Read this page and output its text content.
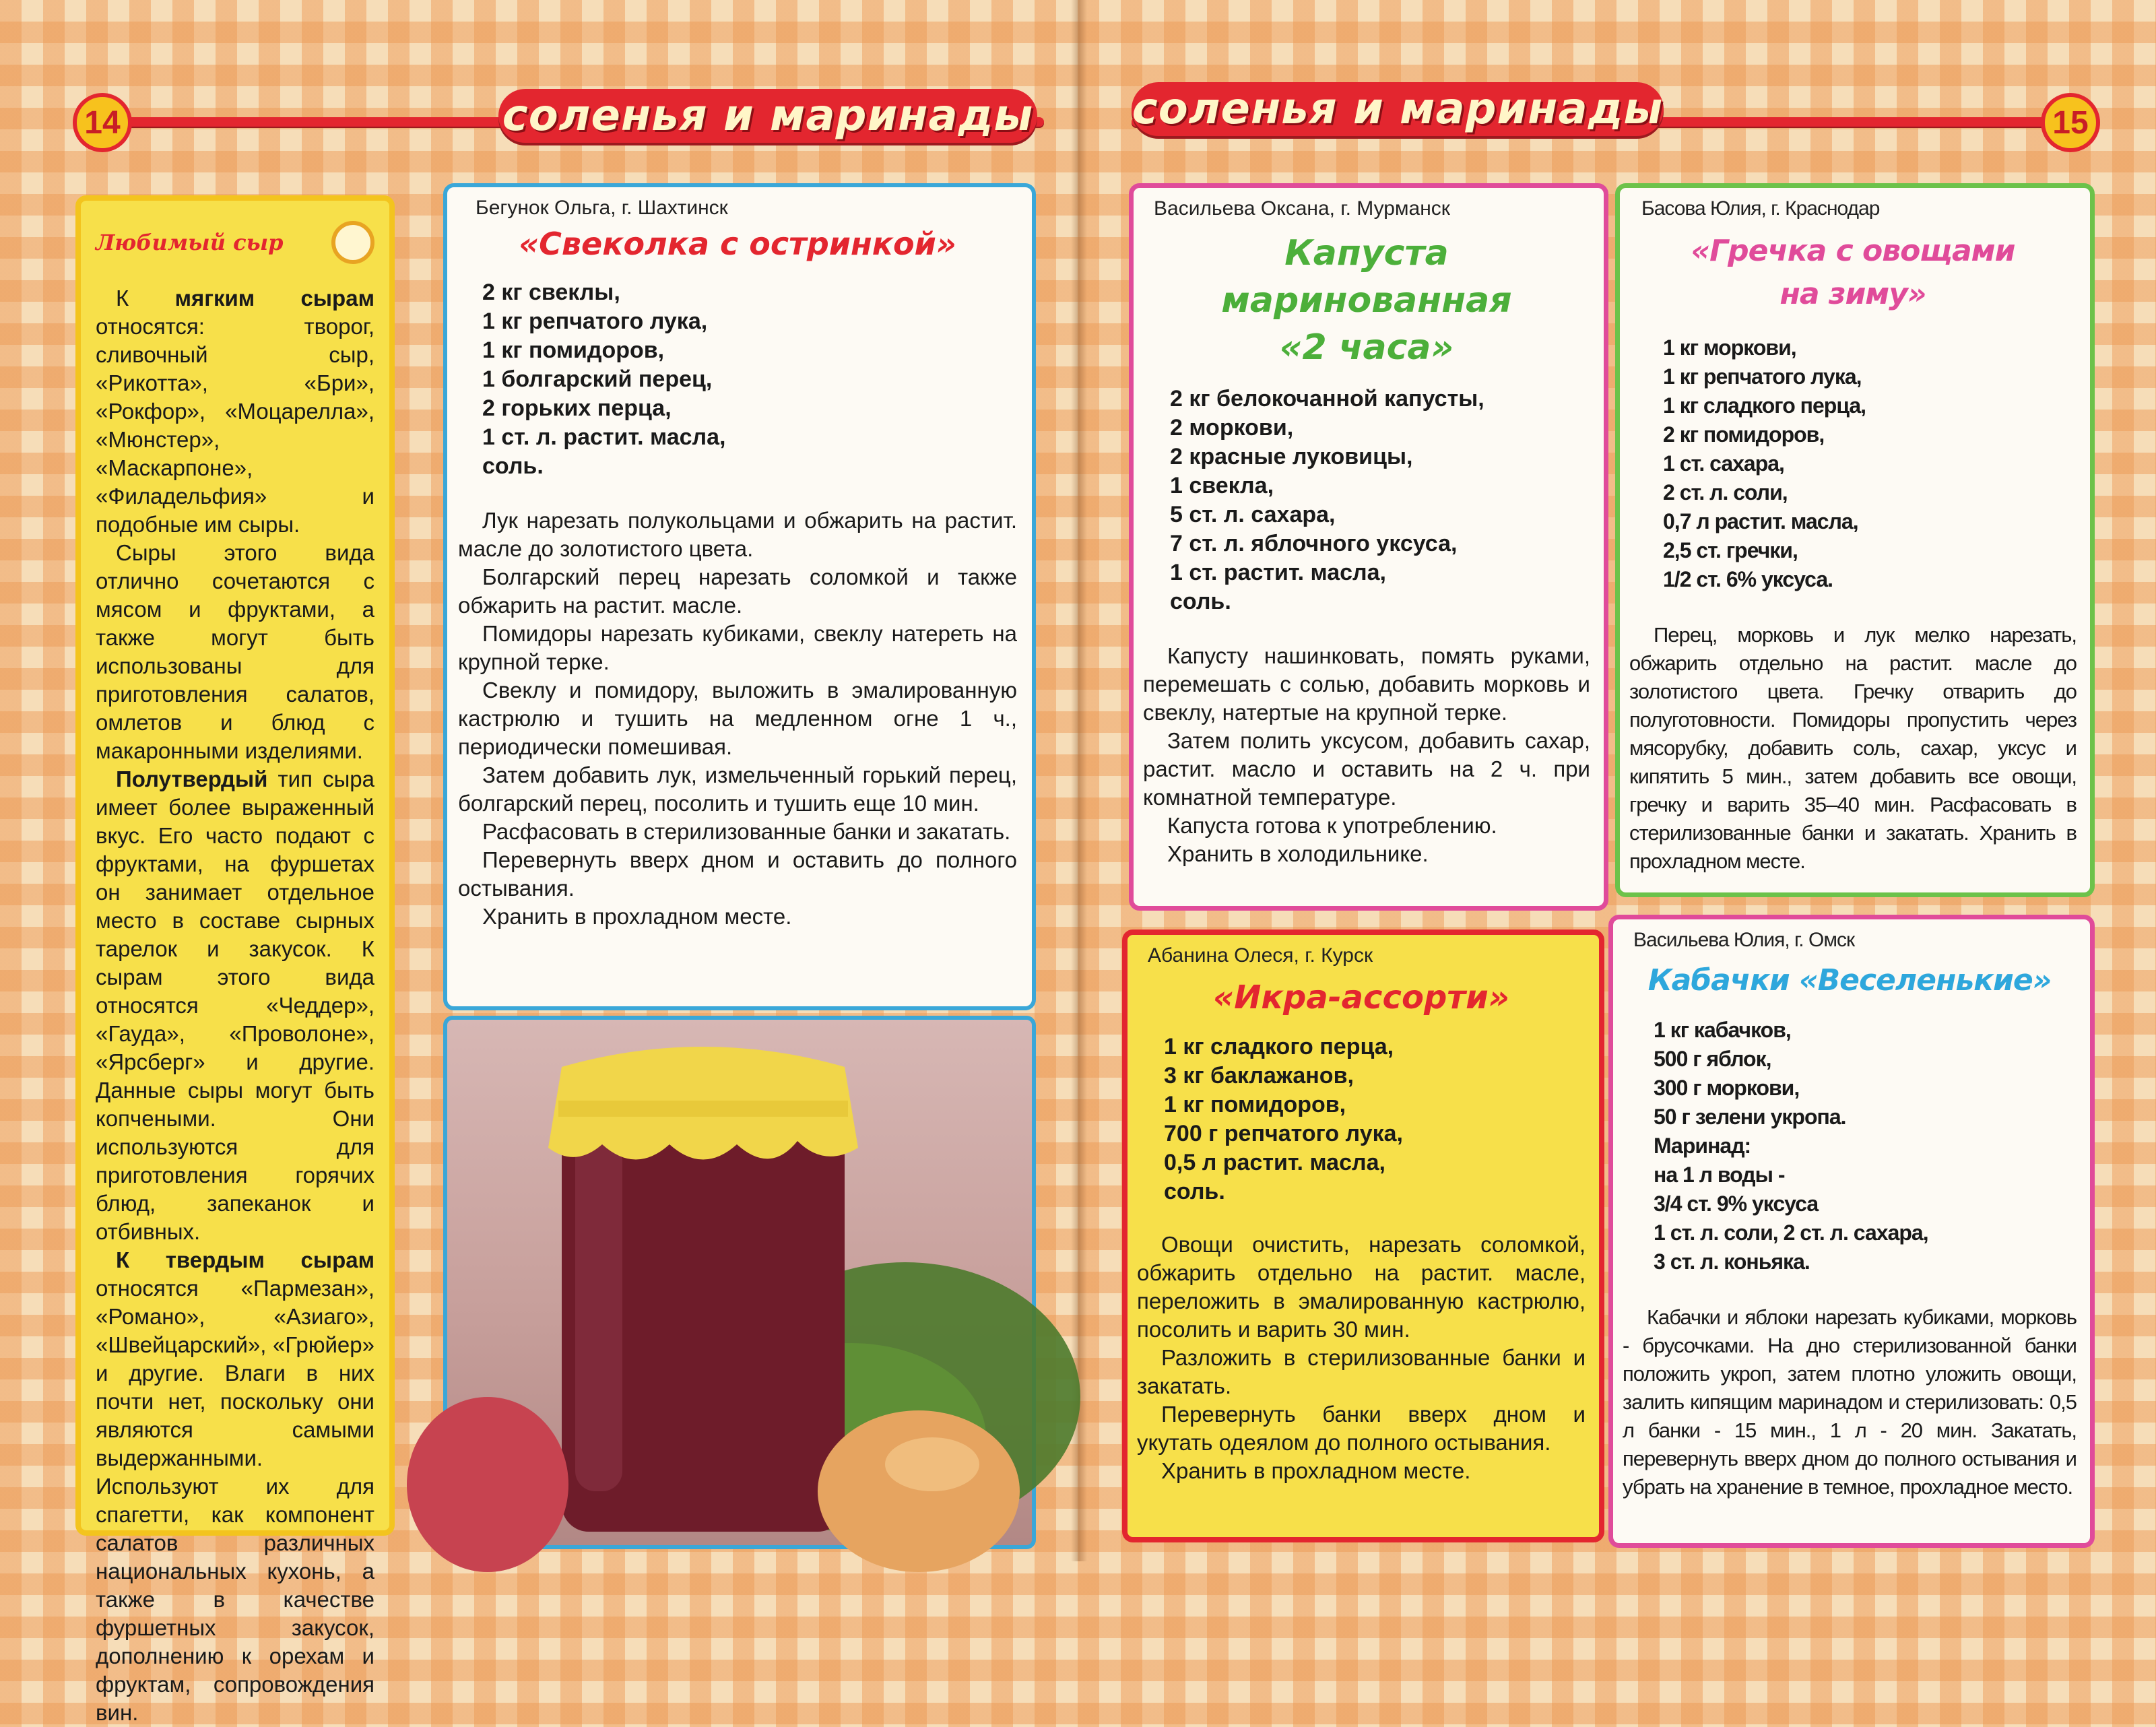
14	соленья и маринады соленья и маринады	15
Любимый сыр

К мягким сырам относятся: творог, сливочный сыр, «Рикотта», «Бри», «Рокфор», «Моцарелла», «Мюнстер», «Маскарпоне», «Филадельфия» и подобные им сыры.

Сыры этого вида отлично сочетаются с мясом и фруктами, а также могут быть использованы для приготовления салатов, омлетов и блюд с макаронными изделиями.

Полутвердый тип сыра имеет более выраженный вкус. Его часто подают с фруктами, на фуршетах он занимает отдельное место в составе сырных тарелок и закусок. К сырам этого вида относятся «Чеддер», «Гауда», «Проволоне», «Ярсберг» и другие. Данные сыры могут быть копчеными. Они используются для приготовления горячих блюд, запеканок и отбивных.

К твердым сырам относятся «Пармезан», «Романо», «Азиаго», «Швейцарский», «Грюйер» и другие. Влаги в них почти нет, поскольку они являются самыми выдержанными. Используют их для спагетти, как компонент салатов различных национальных кухонь, а также в качестве фуршетных закусок, дополнению к орехам и фруктам, сопровождения вин.

Бегунок Ольга, г. Шахтинск
«Свеколка с остринкой»
2 кг свеклы,
1 кг репчатого лука,
1 кг помидоров,
1 болгарский перец,
2 горьких перца,
1 ст. л. растит. масла,
соль.

Лук нарезать полукольцами и обжарить на растит. масле до золотистого цвета.

Болгарский перец нарезать соломкой и также обжарить на растит. масле.

Помидоры нарезать кубиками, свеклу натереть на крупной терке.

Свеклу и помидору, выложить в эмалированную кастрюлю и тушить на медленном огне 1 ч., периодически помешивая.

Затем добавить лук, измельченный горький перец, болгарский перец, посолить и тушить еще 10 мин.

Расфасовать в стерилизованные банки и закатать.

Перевернуть вверх дном и оставить до полного остывания.

Хранить в прохладном месте.

Васильева Оксана, г. Мурманск
Капуста
маринованная
«2 часа»
2 кг белокочанной капусты,
2 моркови,
2 красные луковицы,
1 свекла,
5 ст. л. сахара,
7 ст. л. яблочного уксуса,
1 ст. растит. масла,
соль.

Капусту нашинковать, помять руками, перемешать с солью, добавить морковь и свеклу, натертые на крупной терке.

Затем полить уксусом, добавить сахар, растит. масло и оставить на 2 ч. при комнатной температуре.

Капуста готова к употреблению.

Хранить в холодильнике.

Басова Юлия, г. Краснодар
«Гречка с овощами
на зиму»
1 кг моркови,
1 кг репчатого лука,
1 кг сладкого перца,
2 кг помидоров,
1 ст. сахара,
2 ст. л. соли,
0,7 л растит. масла,
2,5 ст. гречки,
1/2 ст. 6% уксуса.

Перец, морковь и лук мелко нарезать, обжарить отдельно на растит. масле до золотистого цвета. Гречку отварить до полуготовности. Помидоры пропустить через мясорубку, добавить соль, сахар, уксус и кипятить 5 мин., затем добавить все овощи, гречку и варить 35–40 мин. Расфасовать в стерилизованные банки и закатать. Хранить в прохладном месте.

Абанина Олеся, г. Курск
«Икра-ассорти»
1 кг сладкого перца,
3 кг баклажанов,
1 кг помидоров,
700 г репчатого лука,
0,5 л растит. масла,
соль.

Овощи очистить, нарезать соломкой, обжарить отдельно на растит. масле, переложить в эмалированную кастрюлю, посолить и варить 30 мин.

Разложить в стерилизованные банки и закатать.

Перевернуть банки вверх дном и укутать одеялом до полного остывания.

Хранить в прохладном месте.

Васильева Юлия, г. Омск
Кабачки «Веселенькие»
1 кг кабачков,
500 г яблок,
300 г моркови,
50 г зелени укропа.
Маринад:
на 1 л воды -
3/4 ст. 9% уксуса
1 ст. л. соли, 2 ст. л. сахара,
3 ст. л. коньяка.

Кабачки и яблоки нарезать кубиками, морковь - брусочками. На дно стерилизованной банки положить укроп, затем плотно уложить овощи, залить кипящим маринадом и стерилизовать: 0,5 л банки - 15 мин., 1 л - 20 мин. Закатать, перевернуть вверх дном до полного остывания и убрать на хранение в темное, прохладное место.
